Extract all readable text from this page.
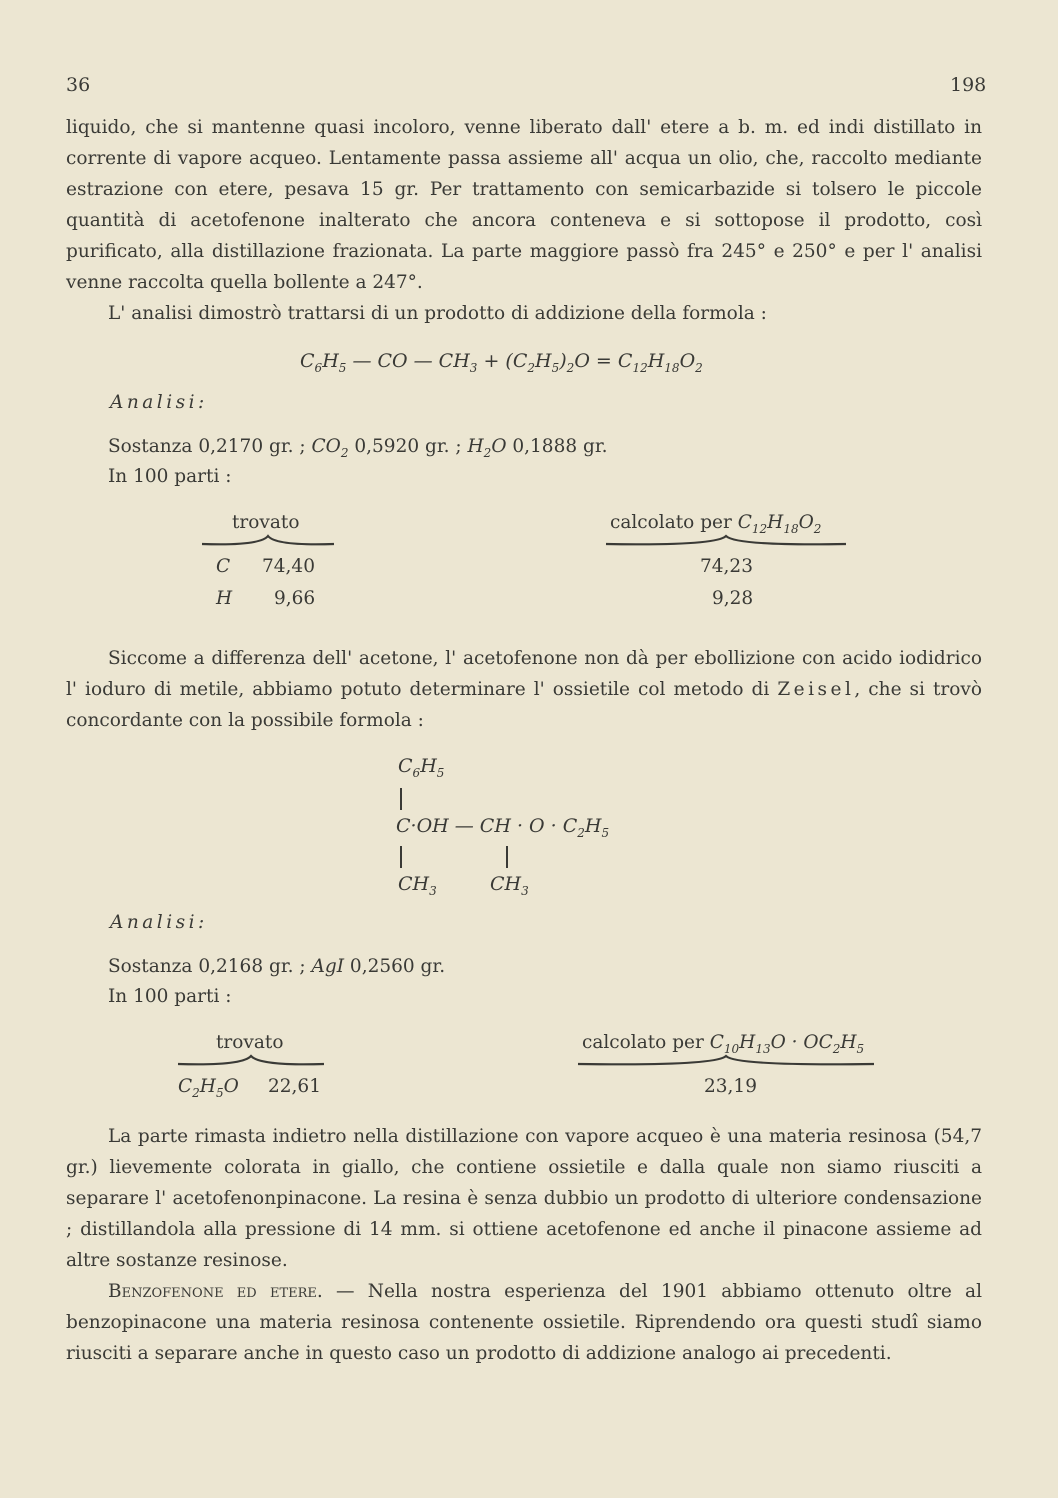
36	198

liquido, che si mantenne quasi incoloro, venne liberato dall' etere a b. m. ed indi distillato in corrente di vapore acqueo. Lentamente passa assieme all' acqua un olio, che, raccolto mediante estrazione con etere, pesava 15 gr. Per trattamento con semicarbazide si tolsero le piccole quantità di acetofenone inalterato che ancora conteneva e si sottopose il prodotto, così purificato, alla distillazione frazionata. La parte maggiore passò fra 245° e 250° e per l' analisi venne raccolta quella bollente a 247°.

L' analisi dimostrò trattarsi di un prodotto di addizione della formola :

$C_6H_5$ — CO — $CH_3 + (C_2H_5)_2O = C_{12}H_{18}O_2$
Analisi:
Sostanza 0,2170 gr. ; $CO_2$ 0,5920 gr. ; $H_2O$ 0,1888 gr.
In 100 parti :
trovato	calcolato per $C_{12}H_{18}O_2$
C 74,40	74,23
H 9,66	9,28

Siccome a differenza dell' acetone, l' acetofenone non dà per ebollizione con acido iodidrico l' ioduro di metile, abbiamo potuto determinare l' ossietile col metodo di Zeisel, che si trovò concordante con la possibile formola :

$C_6H_5$
C·OH — CH · $O \cdot C_2H_5$
$CH_3$	$CH_3$
Analisi:
Sostanza 0,2168 gr. ; AgI 0,2560 gr.
In 100 parti :
trovato	calcolato per $C_{10}H_{13}O \cdot OC_2H_5$
$C_2H_5O$ 22,61	23,19

La parte rimasta indietro nella distillazione con vapore acqueo è una materia resinosa (54,7 gr.) lievemente colorata in giallo, che contiene ossietile e dalla quale non siamo riusciti a separare l' acetofenonpinacone. La resina è senza dubbio un prodotto di ulteriore condensazione ; distillandola alla pressione di 14 mm. si ottiene acetofenone ed anche il pinacone assieme ad altre sostanze resinose.

Benzofenone ed etere. — Nella nostra esperienza del 1901 abbiamo ottenuto oltre al benzopinacone una materia resinosa contenente ossietile. Riprendendo ora questi studî siamo riusciti a separare anche in questo caso un prodotto di addizione analogo ai precedenti.
